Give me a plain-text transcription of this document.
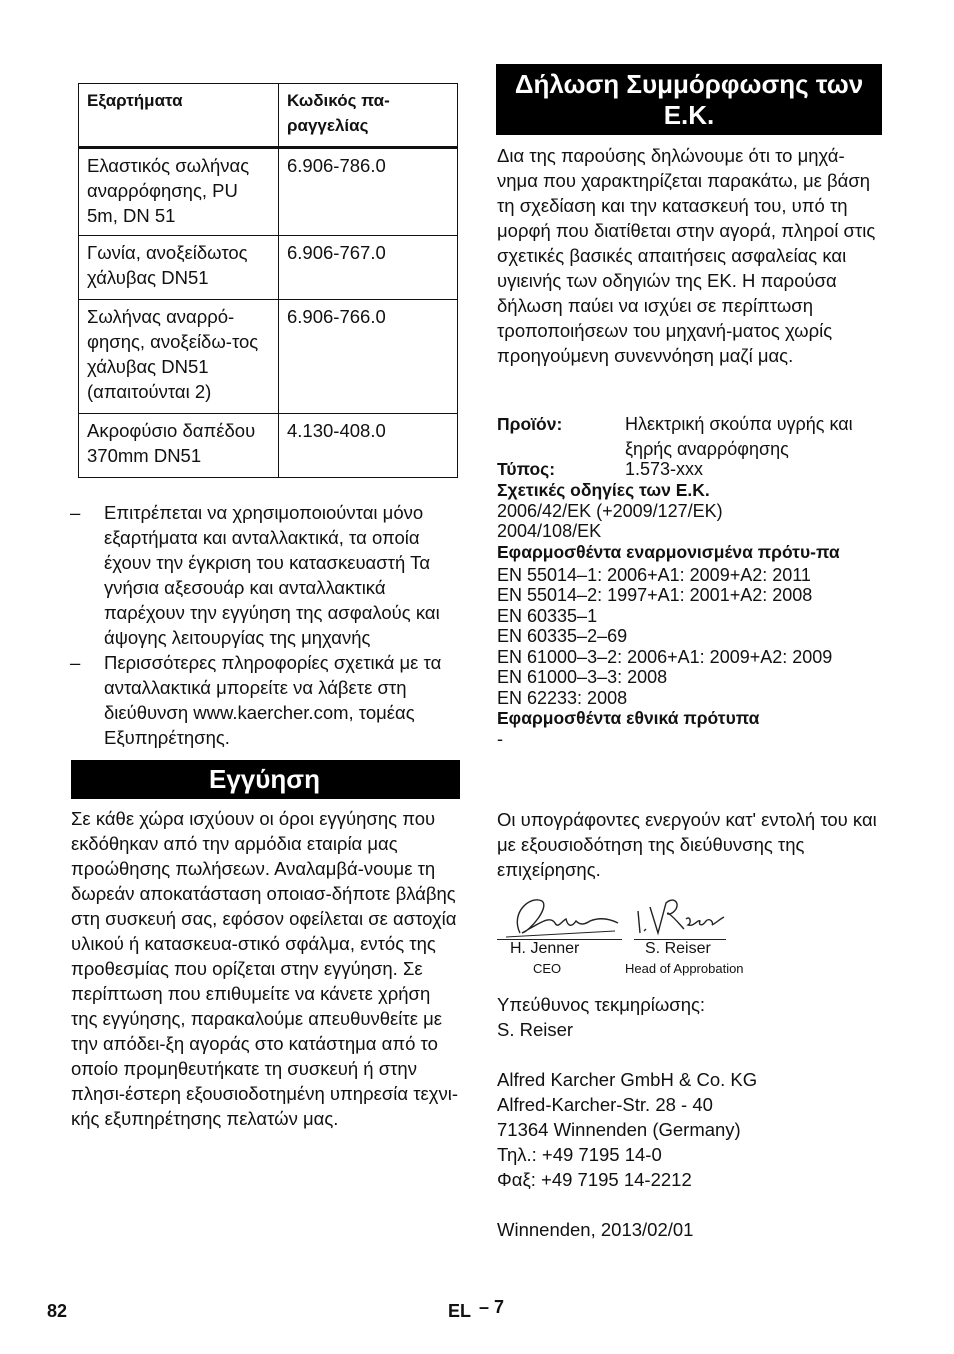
Εξαρτήματα	Κωδικός πα-
ραγγελίας
Ελαστικός σωλήνας αναρρόφησης, PU 5m, DN 51	6.906-786.0
Γωνία, ανοξείδωτος χάλυβας DN51	6.906-767.0
Σωλήνας αναρρό-φησης, ανοξείδω-τος χάλυβας DN51 (απαιτούνται 2)	6.906-766.0
Ακροφύσιο δαπέδου 370mm DN51	4.130-408.0
– Επιτρέπεται να χρησιμοποιούνται μόνο εξαρτήματα και ανταλλακτικά, τα οποία έχουν την έγκριση του κατασκευαστή Τα γνήσια αξεσουάρ και ανταλλακτικά παρέχουν την εγγύηση της ασφαλούς και άψογης λειτουργίας της μηχανής
– Περισσότερες πληροφορίες σχετικά με τα ανταλλακτικά μπορείτε να λάβετε στη διεύθυνση www.kaercher.com, τομέας Εξυπηρέτησης.
Εγγύηση
Σε κάθε χώρα ισχύουν οι όροι εγγύησης που εκδόθηκαν από την αρμόδια εταιρία μας προώθησης πωλήσεων. Αναλαμβά-νουμε τη δωρεάν αποκατάσταση οποιασ-δήποτε βλάβης στη συσκευή σας, εφόσον οφείλεται σε αστοχία υλικού ή κατασκευα-στικό σφάλμα, εντός της προθεσμίας που ορίζεται στην εγγύηση. Σε περίπτωση που επιθυμείτε να κάνετε χρήση της εγγύησης, παρακαλούμε απευθυνθείτε με την απόδει-ξη αγοράς στο κατάστημα από το οποίο προμηθευτήκατε τη συσκευή ή στην πλησι-έστερη εξουσιοδοτημένη υπηρεσία τεχνι-κής εξυπηρέτησης πελατών μας.
Δήλωση Συμμόρφωσης των Ε.Κ.
Δια της παρούσης δηλώνουμε ότι το μηχά-νημα που χαρακτηρίζεται παρακάτω, με βάση τη σχεδίαση και την κατασκευή του, υπό τη μορφή που διατίθεται στην αγορά, πληροί στις σχετικές βασικές απαιτήσεις ασφαλείας και υγιεινής των οδηγιών της ΕΚ. Η παρούσα δήλωση παύει να ισχύει σε περίπτωση τροποποιήσεων του μηχανή-ματος χωρίς προηγούμενη συνεννόηση μαζί μας.
Προϊόν:	Ηλεκτρική σκούπα υγρής και ξηρής αναρρόφησης
Τύπος:	1.573-xxx
Σχετικές οδηγίες των Ε.Κ.
2006/42/ΕΚ (+2009/127/ΕΚ)
2004/108/ΕΚ
Εφαρμοσθέντα εναρμονισμένα πρότυ-πα
EN 55014–1: 2006+A1: 2009+A2: 2011
EN 55014–2: 1997+A1: 2001+A2: 2008
EN 60335–1
EN 60335–2–69
EN 61000–3–2: 2006+A1: 2009+A2: 2009
EN 61000–3–3: 2008
EN 62233: 2008
Εφαρμοσθέντα εθνικά πρότυπα
-
Οι υπογράφοντες ενεργούν κατ' εντολή του και με εξουσιοδότηση της διεύθυνσης της επιχείρησης.
H. Jenner
CEO
S. Reiser
Head of Approbation
Υπεύθυνος τεκμηρίωσης:
S. Reiser
Alfred Karcher GmbH & Co. KG
Alfred-Karcher-Str. 28 - 40
71364 Winnenden (Germany)
Τηλ.: +49 7195 14-0
Φαξ: +49 7195 14-2212
Winnenden, 2013/02/01
82	EL – 7
